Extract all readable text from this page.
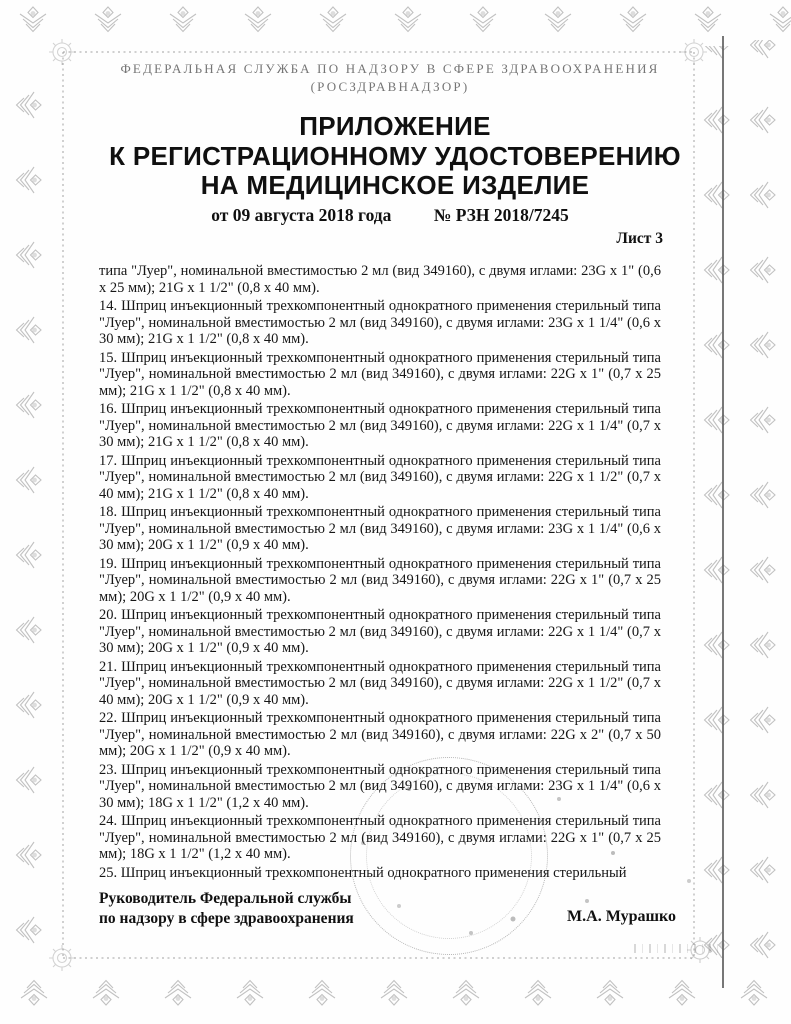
ФЕДЕРАЛЬНАЯ СЛУЖБА ПО НАДЗОРУ В СФЕРЕ ЗДРАВООХРАНЕНИЯ
(РОСЗДРАВНАДЗОР)
ПРИЛОЖЕНИЕ
К РЕГИСТРАЦИОННОМУ УДОСТОВЕРЕНИЮ
НА МЕДИЦИНСКОЕ ИЗДЕЛИЕ
от 09 августа 2018 года № РЗН 2018/7245
Лист 3

типа "Луер", номинальной вместимостью 2 мл (вид 349160), с двумя иглами: 23G x 1" (0,6 x 25 мм); 21G x 1 1/2" (0,8 x 40 мм).

14. Шприц инъекционный трехкомпонентный однократного применения стерильный типа "Луер", номинальной вместимостью 2 мл (вид 349160), с двумя иглами: 23G x 1 1/4" (0,6 x 30 мм); 21G x 1 1/2" (0,8 x 40 мм).

15. Шприц инъекционный трехкомпонентный однократного применения стерильный типа "Луер", номинальной вместимостью 2 мл (вид 349160), с двумя иглами: 22G x 1" (0,7 x 25 мм); 21G x 1 1/2" (0,8 x 40 мм).

16. Шприц инъекционный трехкомпонентный однократного применения стерильный типа "Луер", номинальной вместимостью 2 мл (вид 349160), с двумя иглами: 22G x 1 1/4" (0,7 x 30 мм); 21G x 1 1/2" (0,8 x 40 мм).

17. Шприц инъекционный трехкомпонентный однократного применения стерильный типа "Луер", номинальной вместимостью 2 мл (вид 349160), с двумя иглами: 22G x 1 1/2" (0,7 x 40 мм); 21G x 1 1/2" (0,8 x 40 мм).

18. Шприц инъекционный трехкомпонентный однократного применения стерильный типа "Луер", номинальной вместимостью 2 мл (вид 349160), с двумя иглами: 23G x 1 1/4" (0,6 x 30 мм); 20G x 1 1/2" (0,9 x 40 мм).

19. Шприц инъекционный трехкомпонентный однократного применения стерильный типа "Луер", номинальной вместимостью 2 мл (вид 349160), с двумя иглами: 22G x 1" (0,7 x 25 мм); 20G x 1 1/2" (0,9 x 40 мм).

20. Шприц инъекционный трехкомпонентный однократного применения стерильный типа "Луер", номинальной вместимостью 2 мл (вид 349160), с двумя иглами: 22G x 1 1/4" (0,7 x 30 мм); 20G x 1 1/2" (0,9 x 40 мм).

21. Шприц инъекционный трехкомпонентный однократного применения стерильный типа "Луер", номинальной вместимостью 2 мл (вид 349160), с двумя иглами: 22G x 1 1/2" (0,7 x 40 мм); 20G x 1 1/2" (0,9 x 40 мм).

22. Шприц инъекционный трехкомпонентный однократного применения стерильный типа "Луер", номинальной вместимостью 2 мл (вид 349160), с двумя иглами: 22G x 2" (0,7 x 50 мм); 20G x 1 1/2" (0,9 x 40 мм).

23. Шприц инъекционный трехкомпонентный однократного применения стерильный типа "Луер", номинальной вместимостью 2 мл (вид 349160), с двумя иглами: 23G x 1 1/4" (0,6 x 30 мм); 18G x 1 1/2" (1,2 x 40 мм).

24. Шприц инъекционный трехкомпонентный однократного применения стерильный типа "Луер", номинальной вместимостью 2 мл (вид 349160), с двумя иглами: 22G x 1" (0,7 x 25 мм); 18G x 1 1/2" (1,2 x 40 мм).

25. Шприц инъекционный трехкомпонентный однократного применения стерильный

Руководитель Федеральной службы
по надзору в сфере здравоохранения	М.А. Мурашко
